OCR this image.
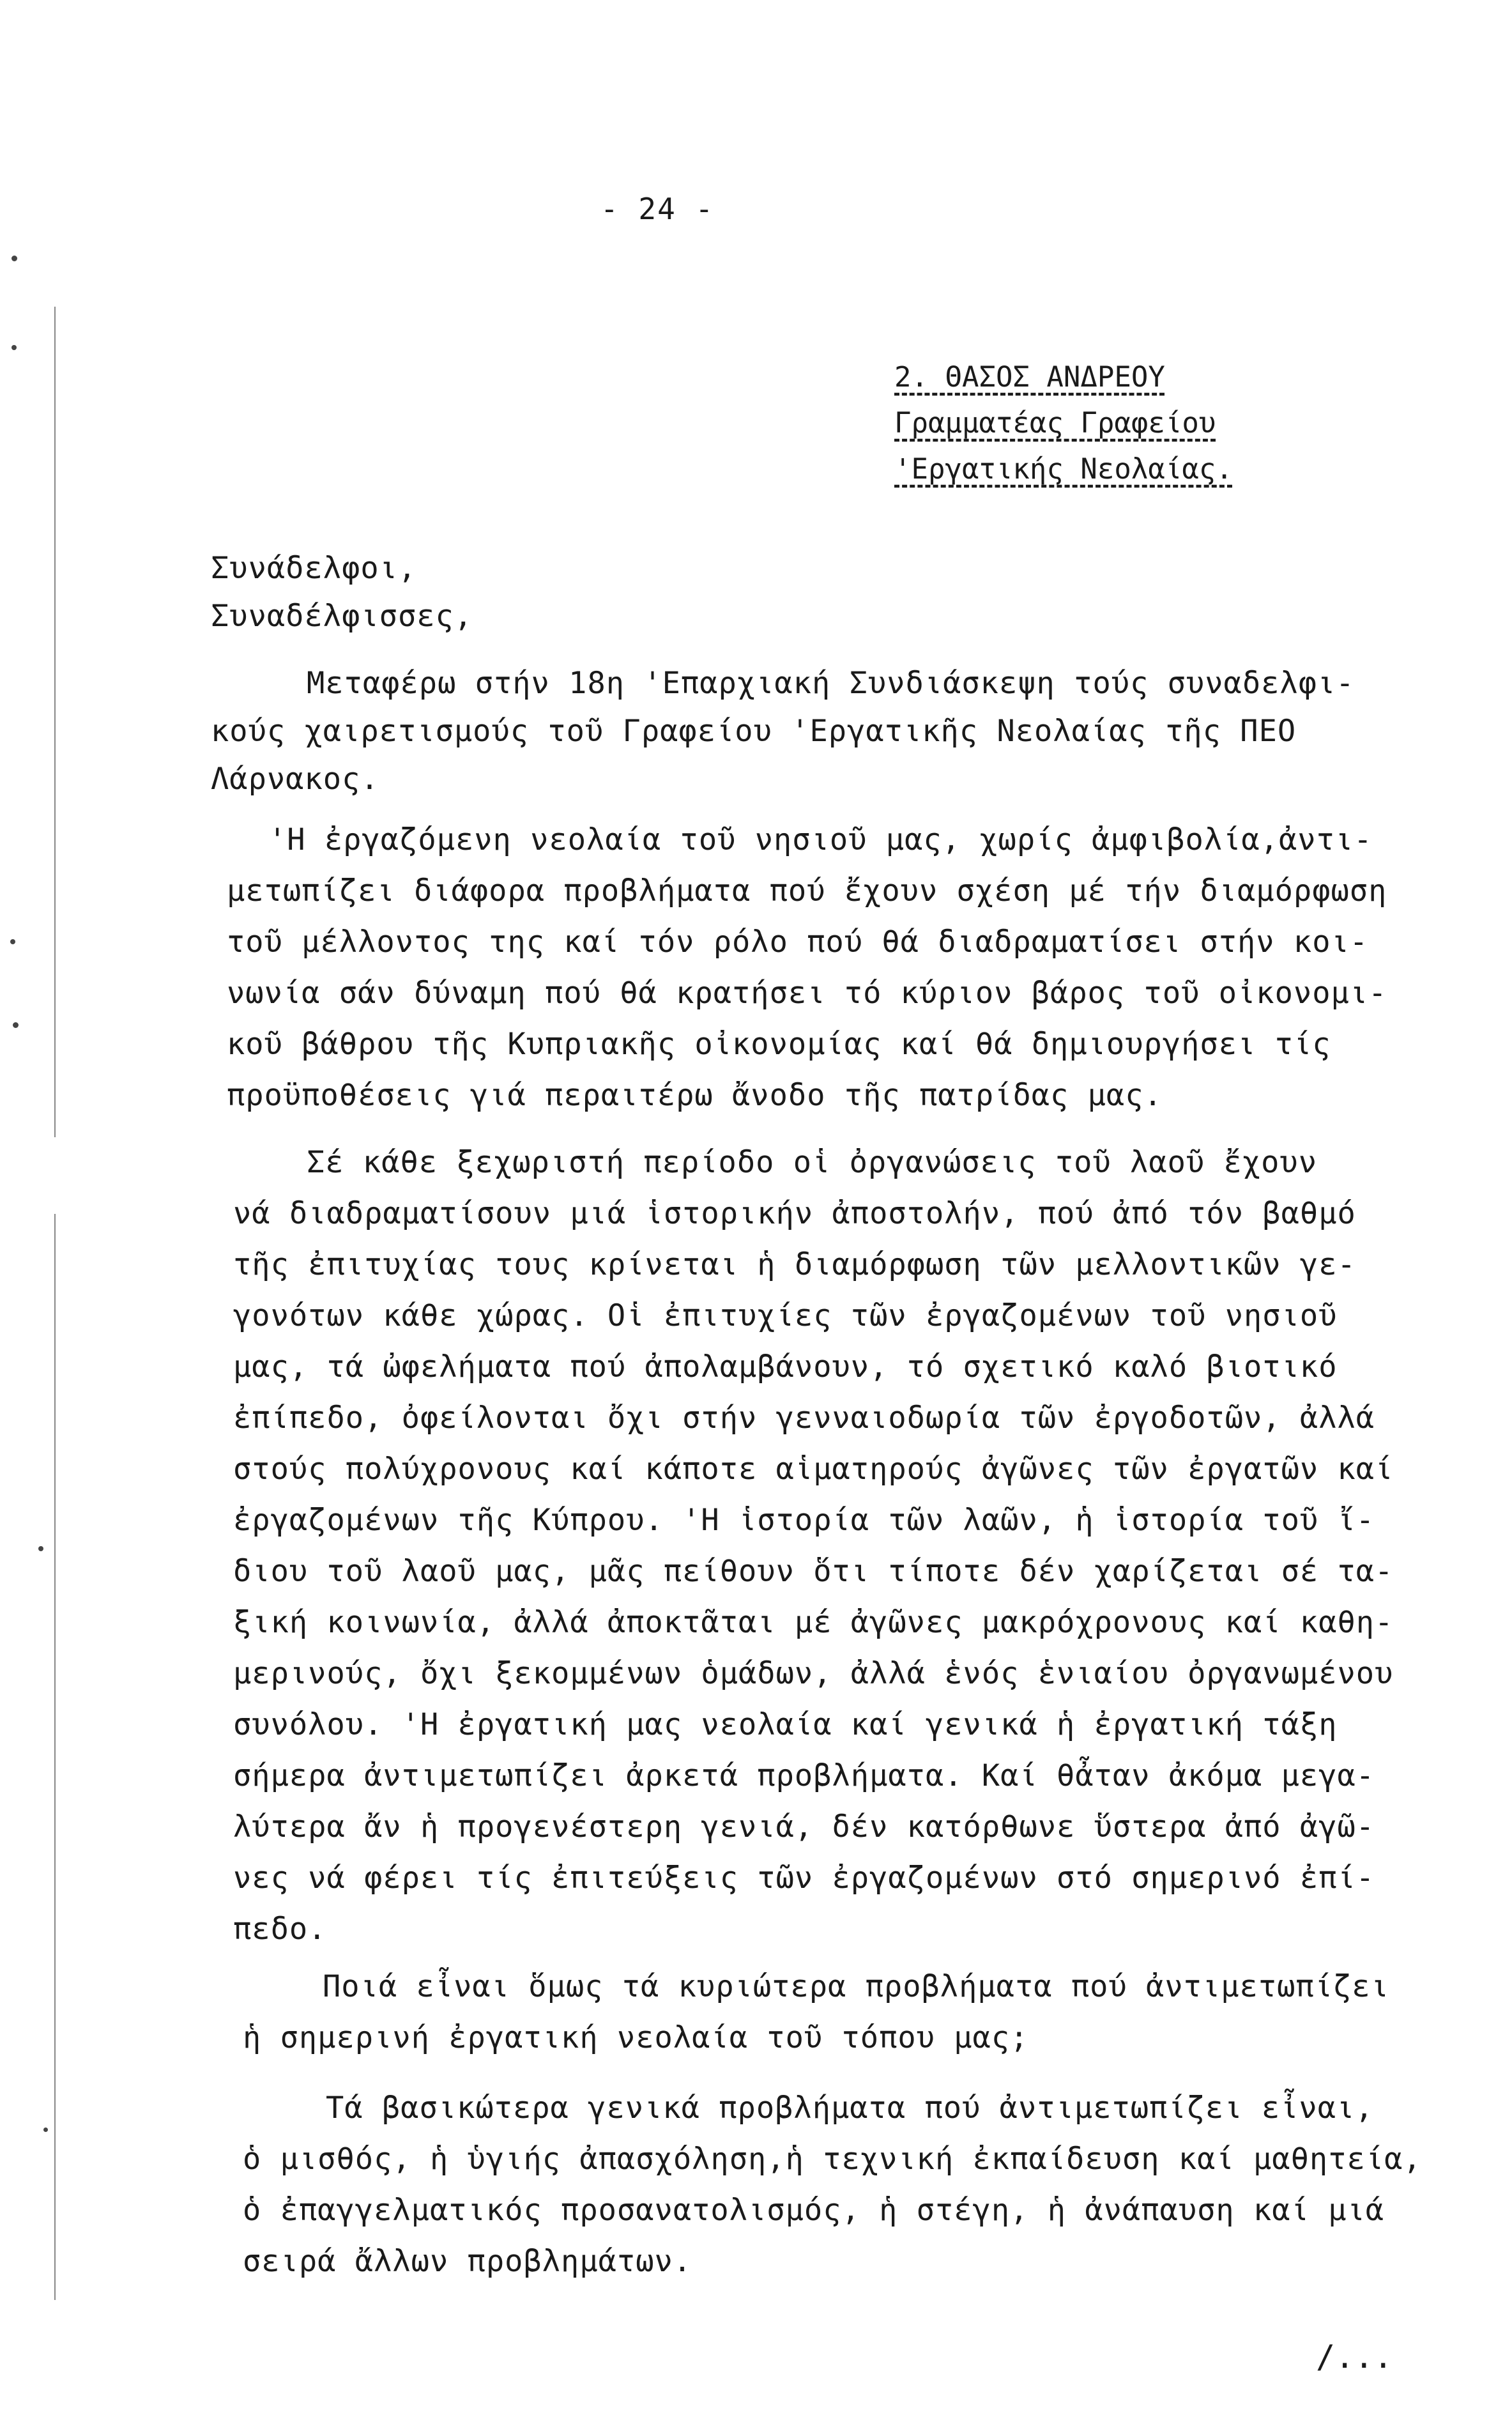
- 24 -
2. ΘΑΣΟΣ ΑΝΔΡΕΟΥ
Γραμματέας Γραφείου
'Εργατικής Νεολαίας.
Συνάδελφοι,
Συναδέλφισσες,
Μεταφέρω στήν 18η 'Επαρχιακή Συνδιάσκεψη τούς συναδελφι-
κούς χαιρετισμούς τοῦ Γραφείου 'Εργατικῆς Νεολαίας τῆς ΠΕΟ
Λάρνακος.
'Η ἐργαζόμενη νεολαία τοῦ νησιοῦ μας, χωρίς ἀμφιβολία,ἀντι-
μετωπίζει διάφορα προβλήματα πού ἔχουν σχέση μέ τήν διαμόρφωση
τοῦ μέλλοντος της καί τόν ρόλο πού θά διαδραματίσει στήν κοι-
νωνία σάν δύναμη πού θά κρατήσει τό κύριον βάρος τοῦ οἰκονομι-
κοῦ βάθρου τῆς Κυπριακῆς οἰκονομίας καί θά δημιουργήσει τίς
προϋποθέσεις γιά περαιτέρω ἄνοδο τῆς πατρίδας μας.
Σέ κάθε ξεχωριστή περίοδο οἱ ὀργανώσεις τοῦ λαοῦ ἔχουν
νά διαδραματίσουν μιά ἱστορικήν ἀποστολήν, πού ἀπό τόν βαθμό
τῆς ἐπιτυχίας τους κρίνεται ἡ διαμόρφωση τῶν μελλοντικῶν γε-
γονότων κάθε χώρας. Οἱ ἐπιτυχίες τῶν ἐργαζομένων τοῦ νησιοῦ
μας, τά ὠφελήματα πού ἀπολαμβάνουν, τό σχετικό καλό βιοτικό
ἐπίπεδο, ὀφείλονται ὄχι στήν γενναιοδωρία τῶν ἐργοδοτῶν, ἀλλά
στούς πολύχρονους καί κάποτε αἱματηρούς ἀγῶνες τῶν ἐργατῶν καί
ἐργαζομένων τῆς Κύπρου. 'Η ἱστορία τῶν λαῶν, ἡ ἱστορία τοῦ ἴ-
διου τοῦ λαοῦ μας, μᾶς πείθουν ὅτι τίποτε δέν χαρίζεται σέ τα-
ξική κοινωνία, ἀλλά ἀποκτᾶται μέ ἀγῶνες μακρόχρονους καί καθη-
μερινούς, ὄχι ξεκομμένων ὁμάδων, ἀλλά ἑνός ἑνιαίου ὀργανωμένου
συνόλου. 'Η ἐργατική μας νεολαία καί γενικά ἡ ἐργατική τάξη
σήμερα ἀντιμετωπίζει ἀρκετά προβλήματα. Καί θἆταν ἀκόμα μεγα-
λύτερα ἄν ἡ προγενέστερη γενιά, δέν κατόρθωνε ὕστερα ἀπό ἀγῶ-
νες νά φέρει τίς ἐπιτεύξεις τῶν ἐργαζομένων στό σημερινό ἐπί-
πεδο.
Ποιά εἶναι ὅμως τά κυριώτερα προβλήματα πού ἀντιμετωπίζει
ἡ σημερινή ἐργατική νεολαία τοῦ τόπου μας;
Τά βασικώτερα γενικά προβλήματα πού ἀντιμετωπίζει εἶναι,
ὁ μισθός, ἡ ὑγιής ἀπασχόληση,ἡ τεχνική ἐκπαίδευση καί μαθητεία,
ὁ ἐπαγγελματικός προσανατολισμός, ἡ στέγη, ἡ ἀνάπαυση καί μιά
σειρά ἄλλων προβλημάτων.
/...
